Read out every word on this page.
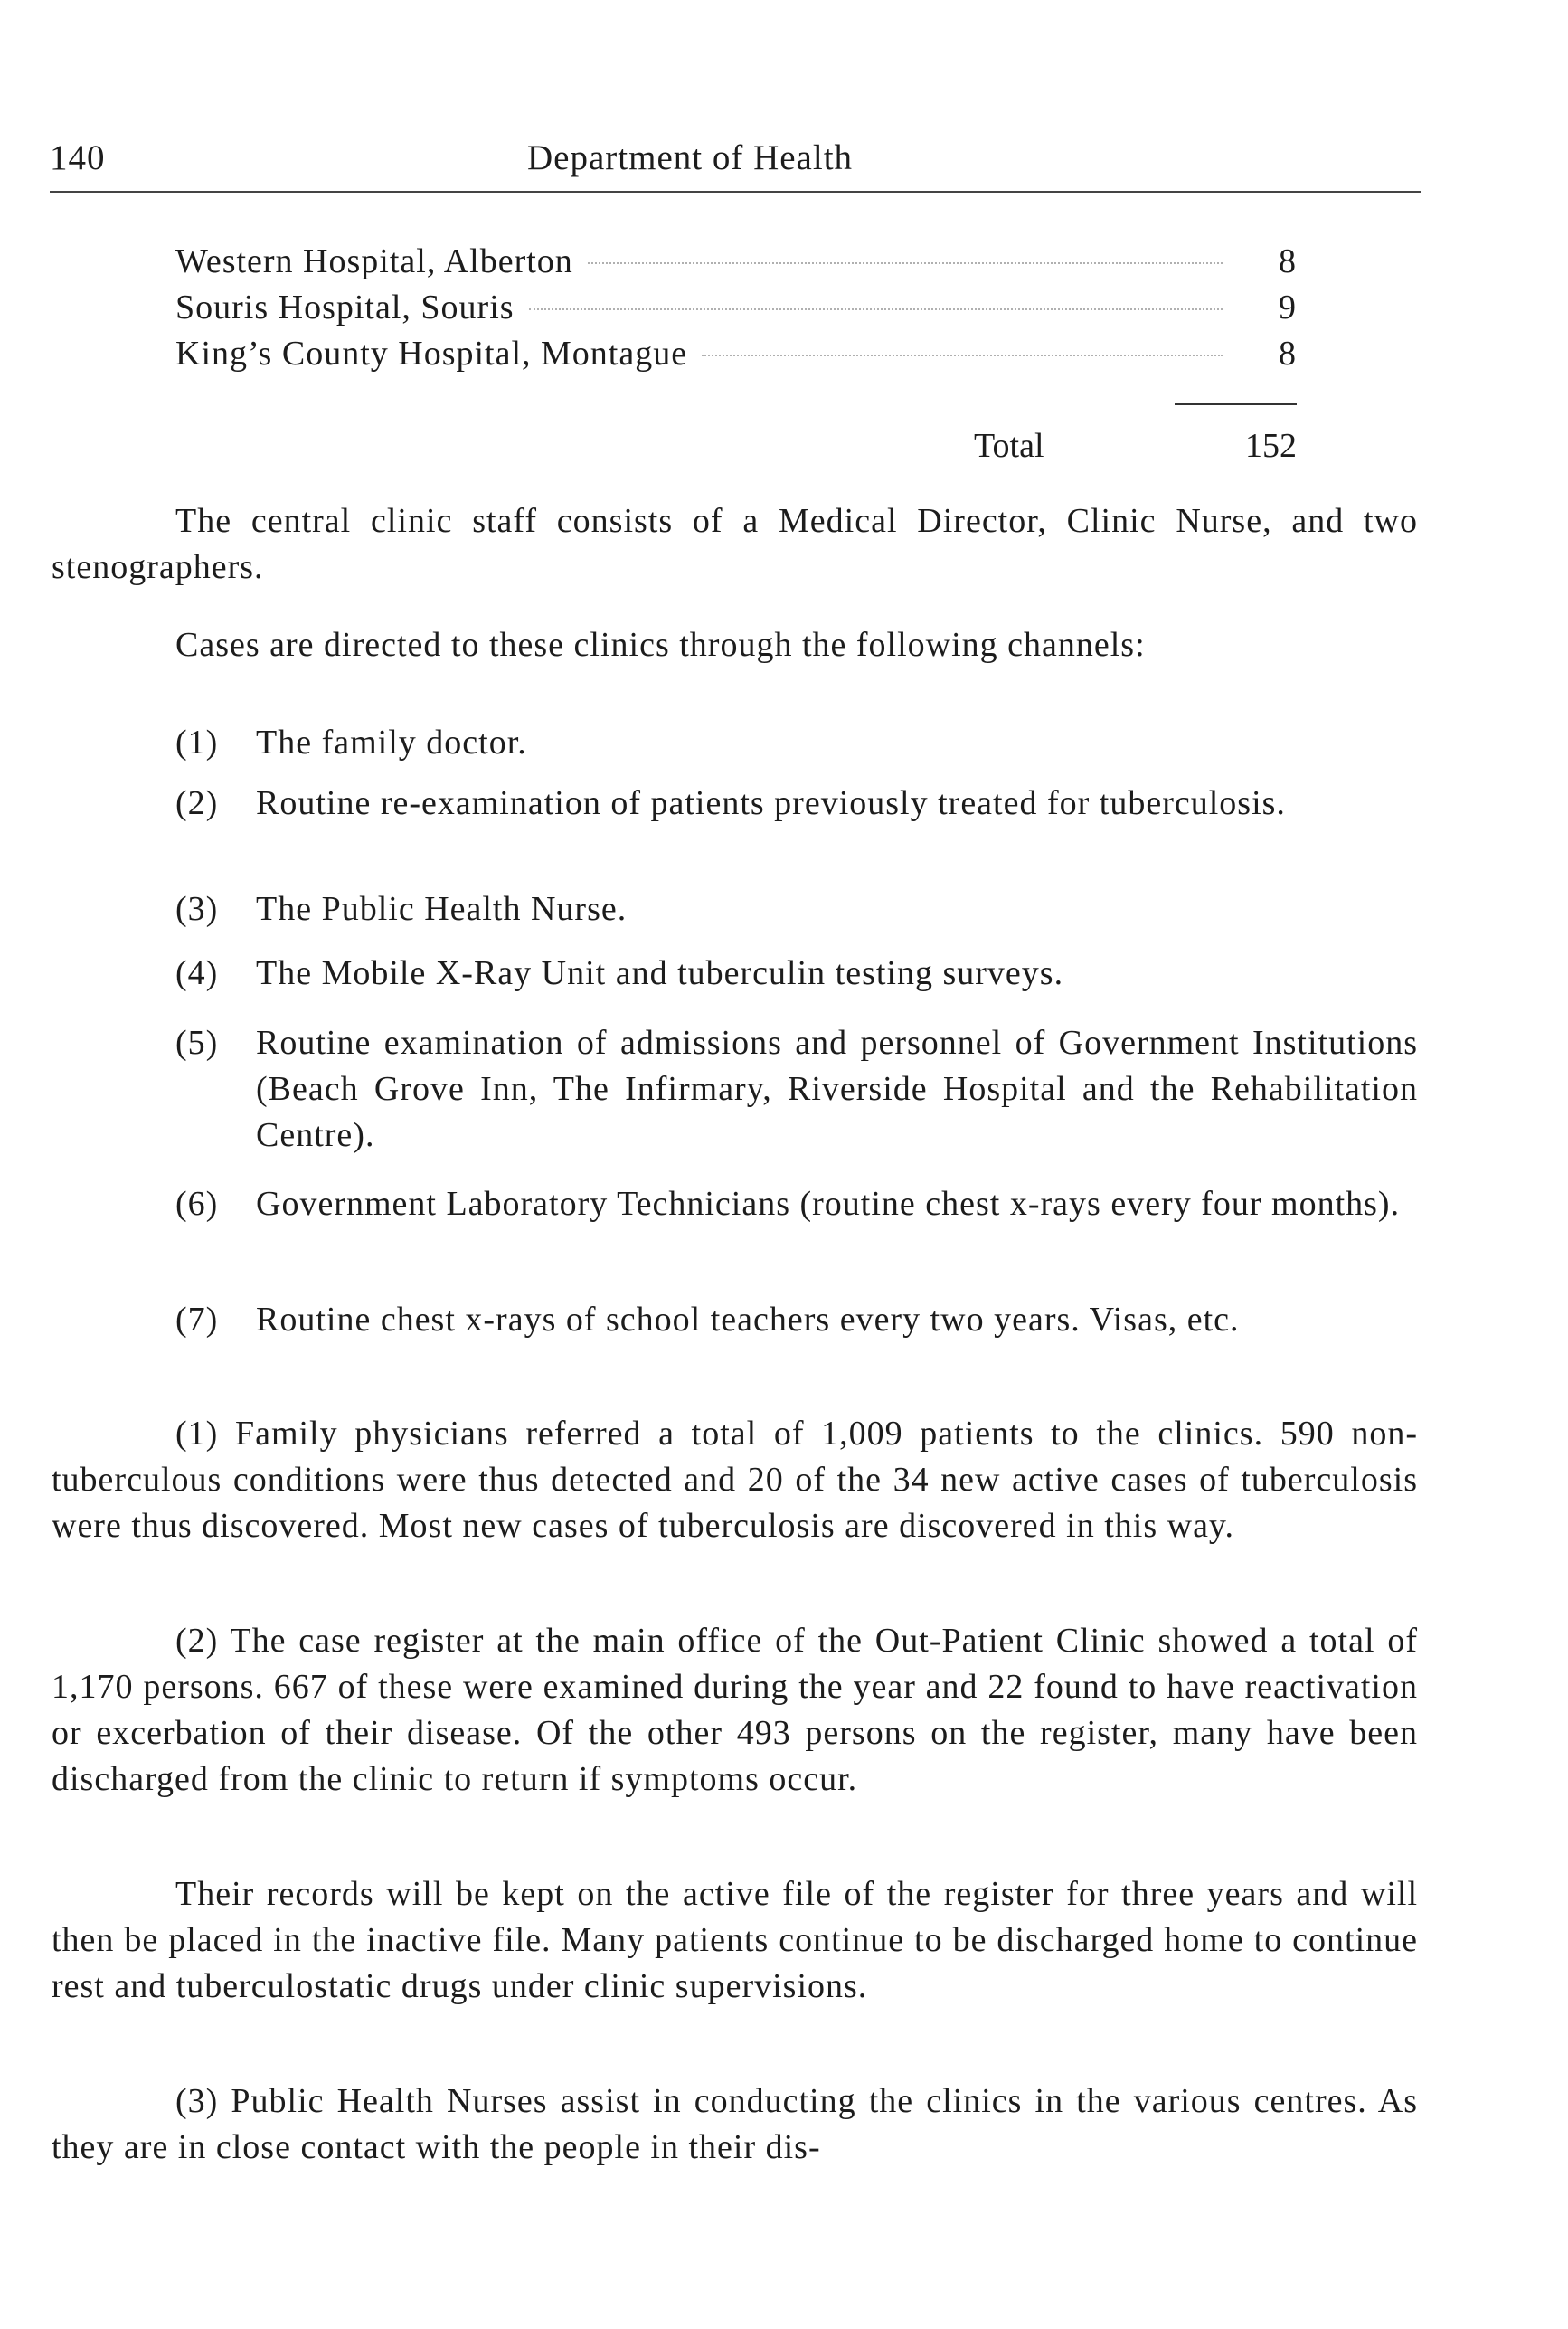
140	Department of Health
Western Hospital, Alberton	8
Souris Hospital, Souris	9
King’s County Hospital, Montague	8
Total	152

The central clinic staff consists of a Medical Director, Clinic Nurse, and two stenographers.

Cases are directed to these clinics through the following channels:

(1) The family doctor.
(2) Routine re-examination of patients previously treated for tuberculosis.
(3) The Public Health Nurse.
(4) The Mobile X-Ray Unit and tuberculin testing surveys.
(5) Routine examination of admissions and personnel of Government Institutions (Beach Grove Inn, The Infirmary, Riverside Hospital and the Rehabilitation Centre).
(6) Government Laboratory Technicians (routine chest x-rays every four months).
(7) Routine chest x-rays of school teachers every two years. Visas, etc.

(1) Family physicians referred a total of 1,009 patients to the clinics. 590 non-tuberculous conditions were thus detected and 20 of the 34 new active cases of tuberculosis were thus discovered. Most new cases of tuberculosis are discovered in this way.

(2) The case register at the main office of the Out-Patient Clinic showed a total of 1,170 persons. 667 of these were examined during the year and 22 found to have reactivation or excerbation of their disease. Of the other 493 persons on the register, many have been discharged from the clinic to return if symptoms occur.

Their records will be kept on the active file of the register for three years and will then be placed in the inactive file. Many patients continue to be discharged home to continue rest and tuberculostatic drugs under clinic supervisions.

(3) Public Health Nurses assist in conducting the clinics in the various centres. As they are in close contact with the people in their dis-
